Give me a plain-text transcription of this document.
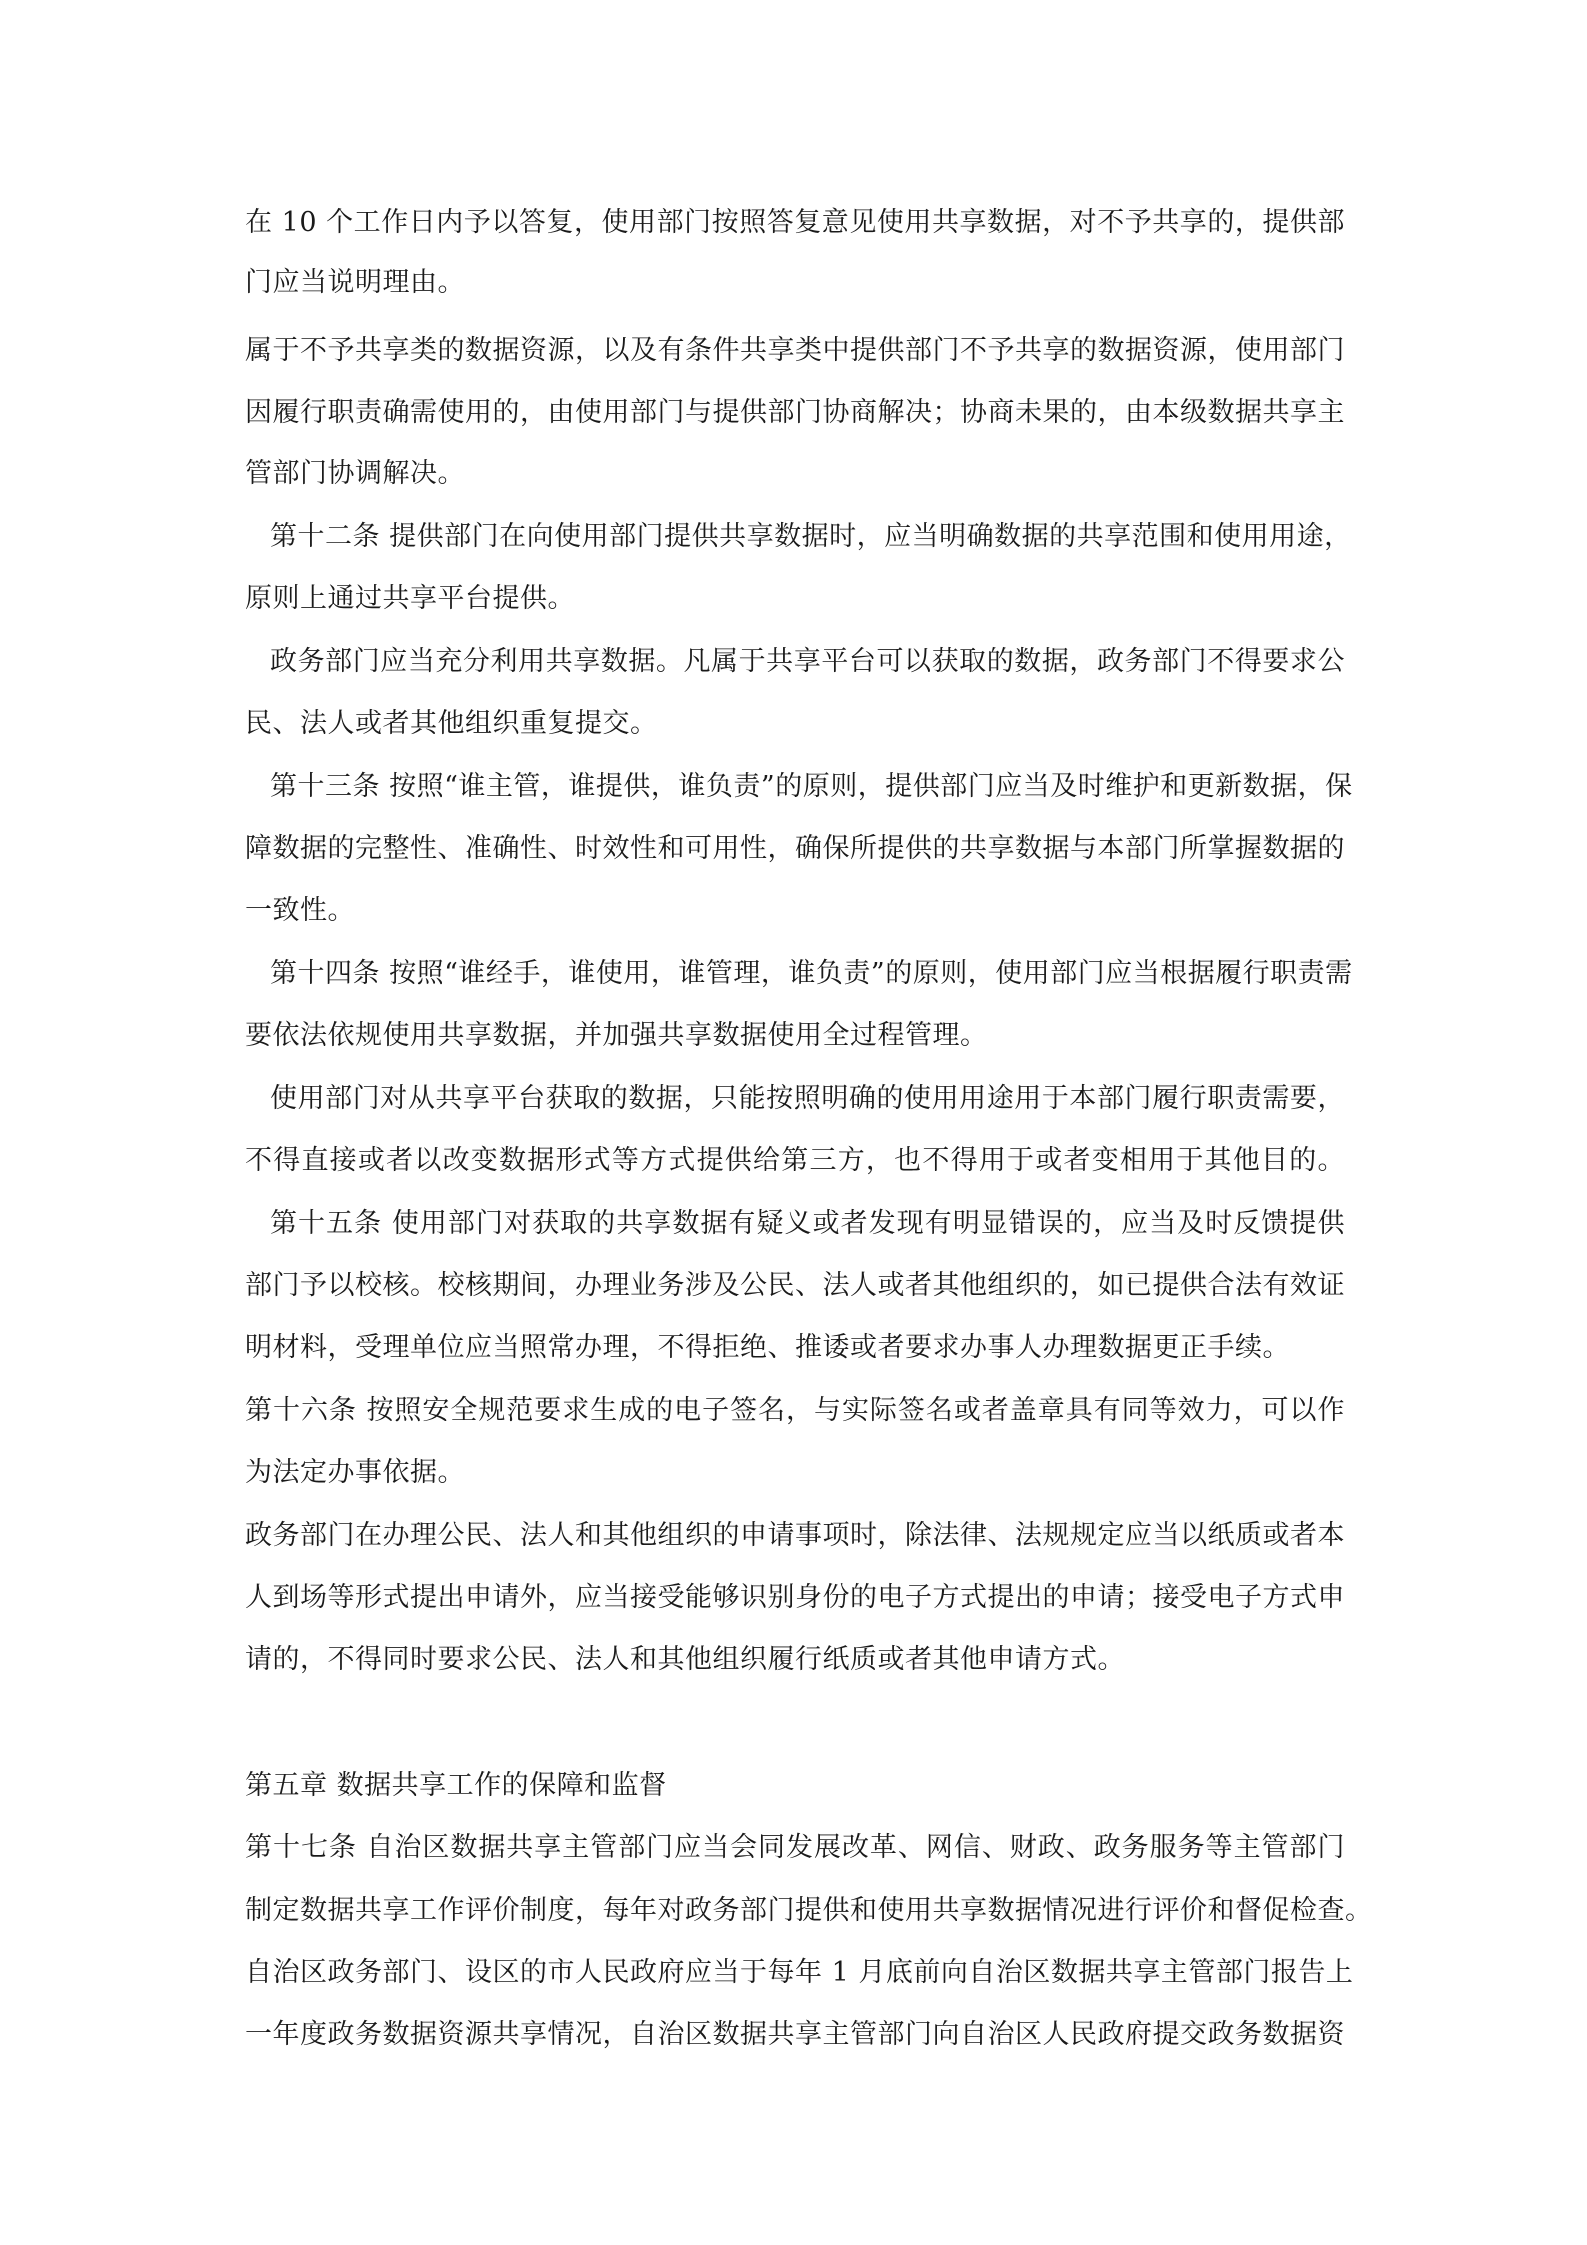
在 10 个工作日内予以答复，使用部门按照答复意见使用共享数据，对不予共享的，提供部
门应当说明理由。
属于不予共享类的数据资源，以及有条件共享类中提供部门不予共享的数据资源，使用部门
因履行职责确需使用的，由使用部门与提供部门协商解决；协商未果的，由本级数据共享主
管部门协调解决。
第十二条 提供部门在向使用部门提供共享数据时，应当明确数据的共享范围和使用用途，
原则上通过共享平台提供。
政务部门应当充分利用共享数据。凡属于共享平台可以获取的数据，政务部门不得要求公
民、法人或者其他组织重复提交。
第十三条 按照“谁主管，谁提供，谁负责”的原则，提供部门应当及时维护和更新数据，保
障数据的完整性、准确性、时效性和可用性，确保所提供的共享数据与本部门所掌握数据的
一致性。
第十四条 按照“谁经手，谁使用，谁管理，谁负责”的原则，使用部门应当根据履行职责需
要依法依规使用共享数据，并加强共享数据使用全过程管理。
使用部门对从共享平台获取的数据，只能按照明确的使用用途用于本部门履行职责需要，
不得直接或者以改变数据形式等方式提供给第三方，也不得用于或者变相用于其他目的。
第十五条 使用部门对获取的共享数据有疑义或者发现有明显错误的，应当及时反馈提供
部门予以校核。校核期间，办理业务涉及公民、法人或者其他组织的，如已提供合法有效证
明材料，受理单位应当照常办理，不得拒绝、推诿或者要求办事人办理数据更正手续。
第十六条 按照安全规范要求生成的电子签名，与实际签名或者盖章具有同等效力，可以作
为法定办事依据。
政务部门在办理公民、法人和其他组织的申请事项时，除法律、法规规定应当以纸质或者本
人到场等形式提出申请外，应当接受能够识别身份的电子方式提出的申请；接受电子方式申
请的，不得同时要求公民、法人和其他组织履行纸质或者其他申请方式。
第五章 数据共享工作的保障和监督
第十七条 自治区数据共享主管部门应当会同发展改革、网信、财政、政务服务等主管部门
制定数据共享工作评价制度，每年对政务部门提供和使用共享数据情况进行评价和督促检查。
自治区政务部门、设区的市人民政府应当于每年 1 月底前向自治区数据共享主管部门报告上
一年度政务数据资源共享情况，自治区数据共享主管部门向自治区人民政府提交政务数据资
